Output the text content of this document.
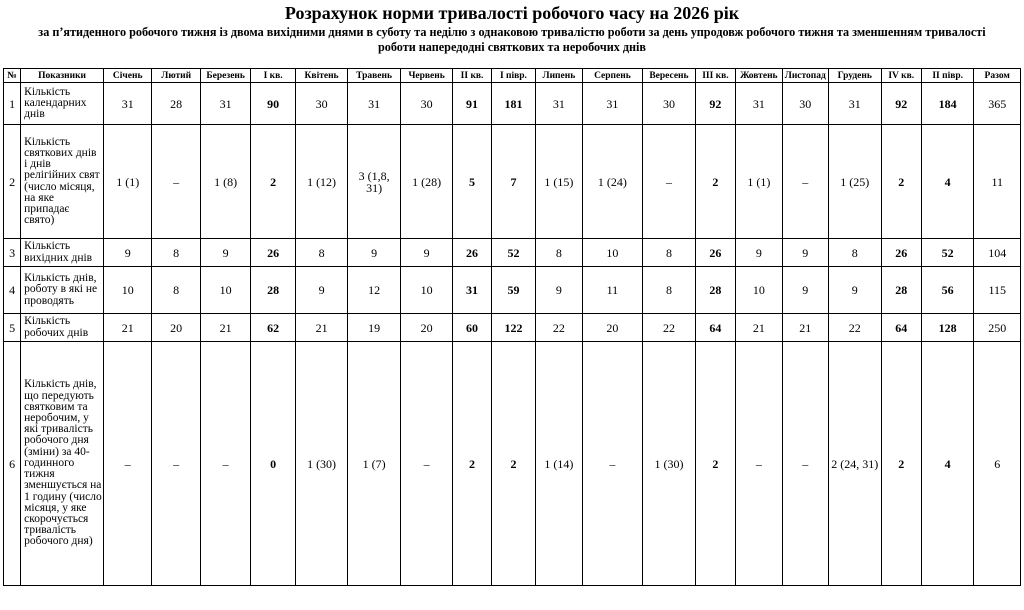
Розрахунок норми тривалості робочого часу на 2026 рік
за п’ятиденного робочого тижня із двома вихідними днями в суботу та неділю з однаковою тривалістю роботи за день упродовж робочого тижня та зменшенням тривалості роботи напередодні святкових та неробочих днів
№	Показники	Січень	Лютий	Березень	I кв.	Квітень	Травень	Червень	II кв.	I півр.	Липень	Серпень	Вересень	III кв.	Жовтень	Листопад	Грудень	IV кв.	II півр.	Разом
1	Кількість календарних днів	31	28	31	90	30	31	30	91	181	31	31	30	92	31	30	31	92	184	365
2	Кількість святкових днів і днів релігійних свят (число місяця, на яке припадає свято)	1 (1)	–	1 (8)	2	1 (12)	3 (1,8, 31)	1 (28)	5	7	1 (15)	1 (24)	–	2	1 (1)	–	1 (25)	2	4	11
3	Кількість вихідних днів	9	8	9	26	8	9	9	26	52	8	10	8	26	9	9	8	26	52	104
4	Кількість днів, роботу в які не проводять	10	8	10	28	9	12	10	31	59	9	11	8	28	10	9	9	28	56	115
5	Кількість робочих днів	21	20	21	62	21	19	20	60	122	22	20	22	64	21	21	22	64	128	250
6	Кількість днів, що передують святковим та неробочим, у які тривалість робочого дня (зміни) за 40-годинного тижня зменшується на 1 годину (число місяця, у яке скорочується тривалість робочого дня)	–	–	–	0	1 (30)	1 (7)	–	2	2	1 (14)	–	1 (30)	2	–	–	2 (24, 31)	2	4	6
